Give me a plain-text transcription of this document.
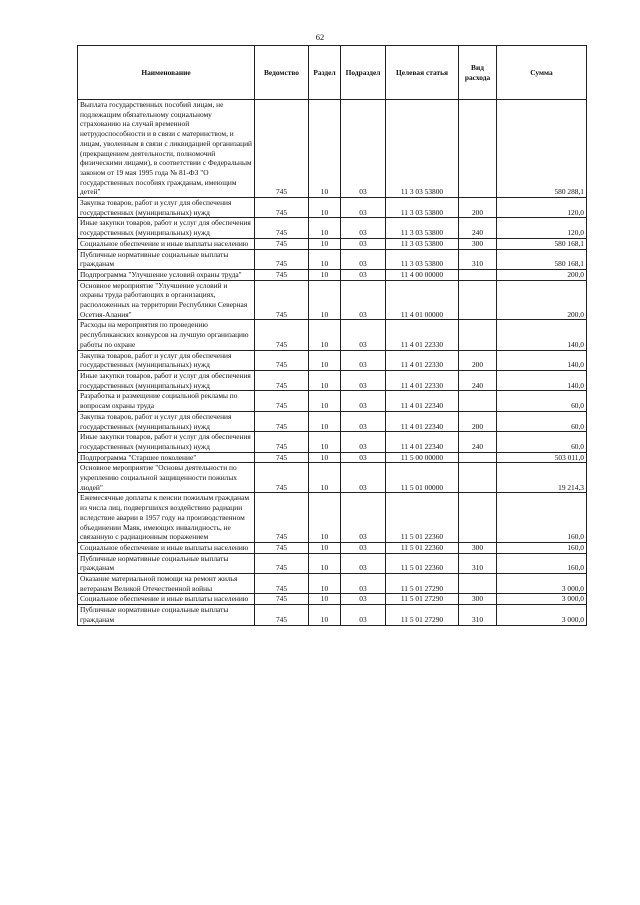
62
Наименование	Ведомство	Раздел	Подраздел	Целевая статья	Вид расхода	Сумма
Выплата государственных пособий лицам, не подлежащим обязательному социальному страхованию на случай временной нетрудоспособности и в связи с материнством, и лицам, уволенным в связи с ликвидацией организаций (прекращением деятельности, полномочий физическими лицами), в соответствии с Федеральным законом от 19 мая 1995 года № 81-ФЗ "О государственных пособиях гражданам, имеющим детей"	745	10	03	11 3 03 53800		580 288,1
Закупка товаров, работ и услуг для обеспечения государственных (муниципальных) нужд	745	10	03	11 3 03 53800	200	120,0
Иные закупки товаров, работ и услуг для обеспечения государственных (муниципальных) нужд	745	10	03	11 3 03 53800	240	120,0
Социальное обеспечение и иные выплаты населению	745	10	03	11 3 03 53800	300	580 168,1
Публичные нормативные социальные выплаты гражданам	745	10	03	11 3 03 53800	310	580 168,1
Подпрограмма "Улучшение условий охраны труда"	745	10	03	11 4 00 00000		200,0
Основное мероприятие "Улучшение условий и охраны труда работающих в организациях, расположенных на территории Республики Северная Осетия-Алания"	745	10	03	11 4 01 00000		200,0
Расходы на мероприятия по проведению республиканских конкурсов на лучшую организацию работы по охране	745	10	03	11 4 01 22330		140,0
Закупка товаров, работ и услуг для обеспечения государственных (муниципальных) нужд	745	10	03	11 4 01 22330	200	140,0
Иные закупки товаров, работ и услуг для обеспечения государственных (муниципальных) нужд	745	10	03	11 4 01 22330	240	140,0
Разработка и размещение социальной рекламы по вопросам охраны труда	745	10	03	11 4 01 22340		60,0
Закупка товаров, работ и услуг для обеспечения государственных (муниципальных) нужд	745	10	03	11 4 01 22340	200	60,0
Иные закупки товаров, работ и услуг для обеспечения государственных (муниципальных) нужд	745	10	03	11 4 01 22340	240	60,0
Подпрограмма "Старшее поколение"	745	10	03	11 5 00 00000		503 011,0
Основное мероприятие "Основы деятельности по укреплению социальной защищенности пожилых людей"	745	10	03	11 5 01 00000		19 214,3
Ежемесячные доплаты к пенсии пожилым гражданам из числа лиц, подвергшихся воздействию радиации вследствие аварии в 1957 году на производственном объединении Маяк, имеющих инвалидность, не связанную с радиационным поражением	745	10	03	11 5 01 22360		160,0
Социальное обеспечение и иные выплаты населению	745	10	03	11 5 01 22360	300	160,0
Публичные нормативные социальные выплаты гражданам	745	10	03	11 5 01 22360	310	160,0
Оказание материальной помощи на ремонт жилья ветеранам Великой Отечественной войны	745	10	03	11 5 01 27290		3 000,0
Социальное обеспечение и иные выплаты населению	745	10	03	11 5 01 27290	300	3 000,0
Публичные нормативные социальные выплаты гражданам	745	10	03	11 5 01 27290	310	3 000,0
